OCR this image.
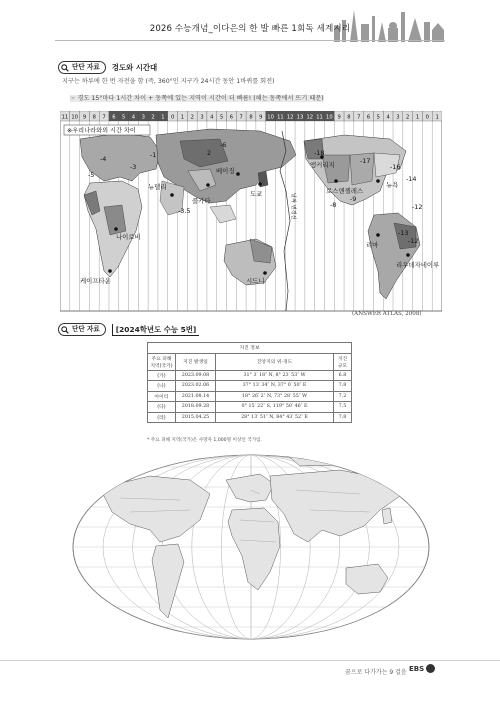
2026 수능개념_이다은의 한 발 빠른 1회독 세계지리
단단 자료	경도와 시간대
지구는 하루에 한 번 자전을 함 (즉, 360°인 지구가 24시간 동안 1바퀴를 회전)
☞ 경도 15°마다 1시간 차이 + 동쪽에 있는 지역이 시간이 더 빠름! (해는 동쪽에서 뜨기 때문)
11 10 9 8 7 6 5 4 3 2 1 0 1 2 3 4 5 6 7 8 9 10 11 12 13 12 11 10 9 8 7 6 5 4 3 2 1 0 1
베이징
도쿄
콜카타
뉴델리
나이로비
케이프타운	시드니
앵커리지
로스앤젤레스
뉴욕
리마
리우데자네이루
날짜 변경선
※우리나라와의 시간 차이
2
-6
-1
-3
-4
-5
-18
-17
-16
-14
-12
-13
-12
-9
-8
-3.5
(ANSWER ATLAS, 2008)
단단 자료	[2024학년도 수능 5번]
지진 정보			
주요 피해 지역(국가)	지진 발생일	진앙지의 위·경도	지진 규모
(가)	2023.09.08	31° 3′ 18″ N, 8° 23′ 53″ W	6.8
(나)	2023.02.06	37° 13′ 34″ N, 37° 0′ 50″ E	7.8
아이티	2021.08.14	18° 26′ 2″ N, 73° 28′ 55″ W	7.2
(다)	2018.09.28	0° 15′ 22″ S, 119° 50′ 46″ E	7.5
(라)	2015.04.25	28° 13′ 51″ N, 84° 43′ 52″ E	7.8
* 주요 피해 지역(국가)은 사망자 1,000명 이상인 국가임.
꿈으로 다가가는 9 걸음 EBS
